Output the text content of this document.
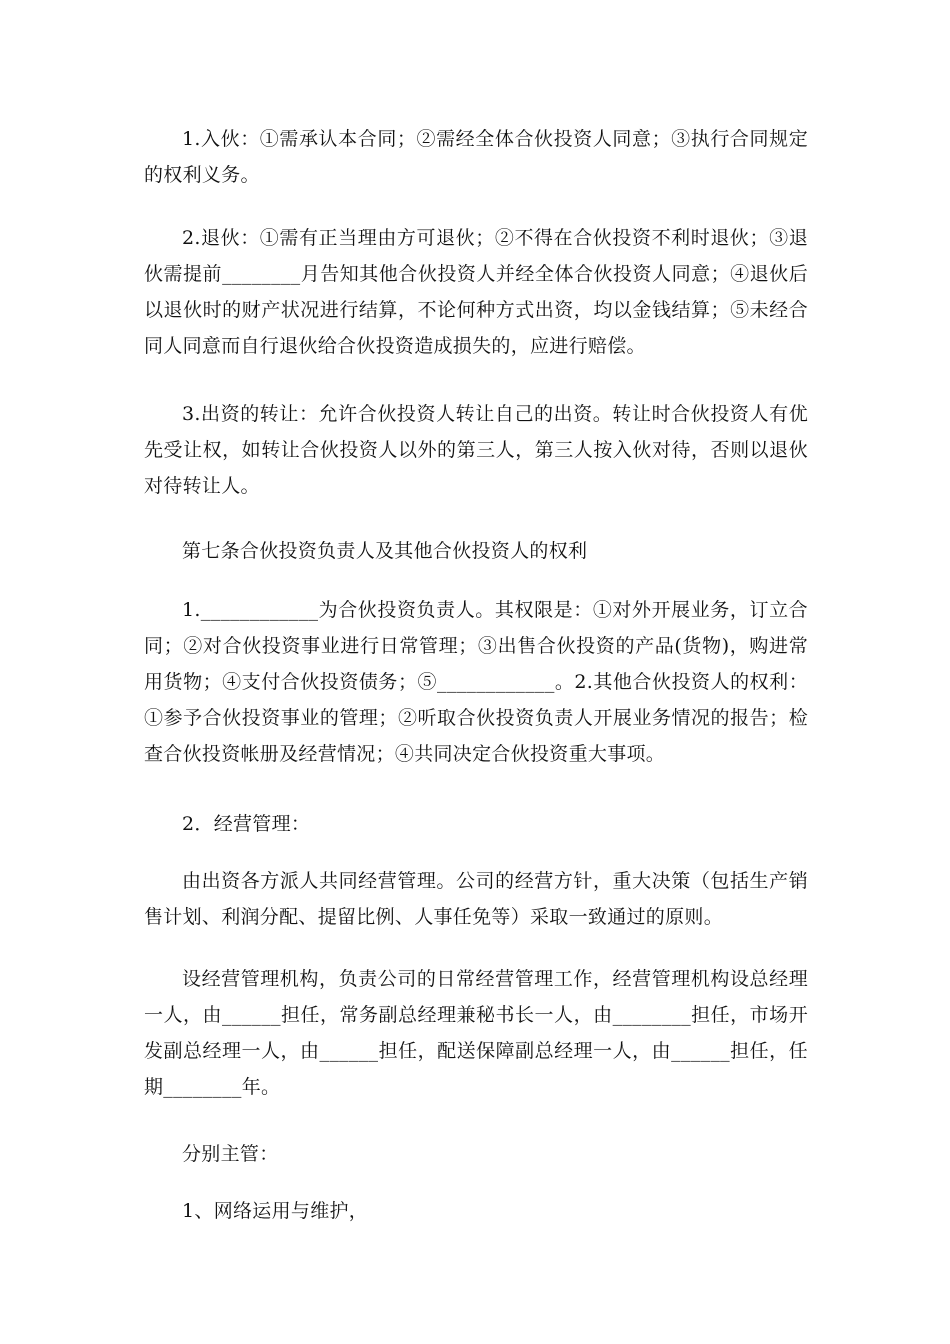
1.入伙：①需承认本合同；②需经全体合伙投资人同意；③执行合同规定的权利义务。

2.退伙：①需有正当理由方可退伙；②不得在合伙投资不利时退伙；③退伙需提前________月告知其他合伙投资人并经全体合伙投资人同意；④退伙后以退伙时的财产状况进行结算，不论何种方式出资，均以金钱结算；⑤未经合同人同意而自行退伙给合伙投资造成损失的，应进行赔偿。

3.出资的转让：允许合伙投资人转让自己的出资。转让时合伙投资人有优先受让权，如转让合伙投资人以外的第三人，第三人按入伙对待，否则以退伙对待转让人。

第七条合伙投资负责人及其他合伙投资人的权利

1.____________为合伙投资负责人。其权限是：①对外开展业务，订立合同；②对合伙投资事业进行日常管理；③出售合伙投资的产品(货物)，购进常用货物；④支付合伙投资债务；⑤____________。2.其他合伙投资人的权利：①参予合伙投资事业的管理；②听取合伙投资负责人开展业务情况的报告；检查合伙投资帐册及经营情况；④共同决定合伙投资重大事项。

2．经营管理：

由出资各方派人共同经营管理。公司的经营方针，重大决策（包括生产销售计划、利润分配、提留比例、人事任免等）采取一致通过的原则。

设经营管理机构，负责公司的日常经营管理工作，经营管理机构设总经理一人，由______担任，常务副总经理兼秘书长一人，由________担任，市场开发副总经理一人，由______担任，配送保障副总经理一人，由______担任，任期________年。

分别主管：

1、网络运用与维护，
